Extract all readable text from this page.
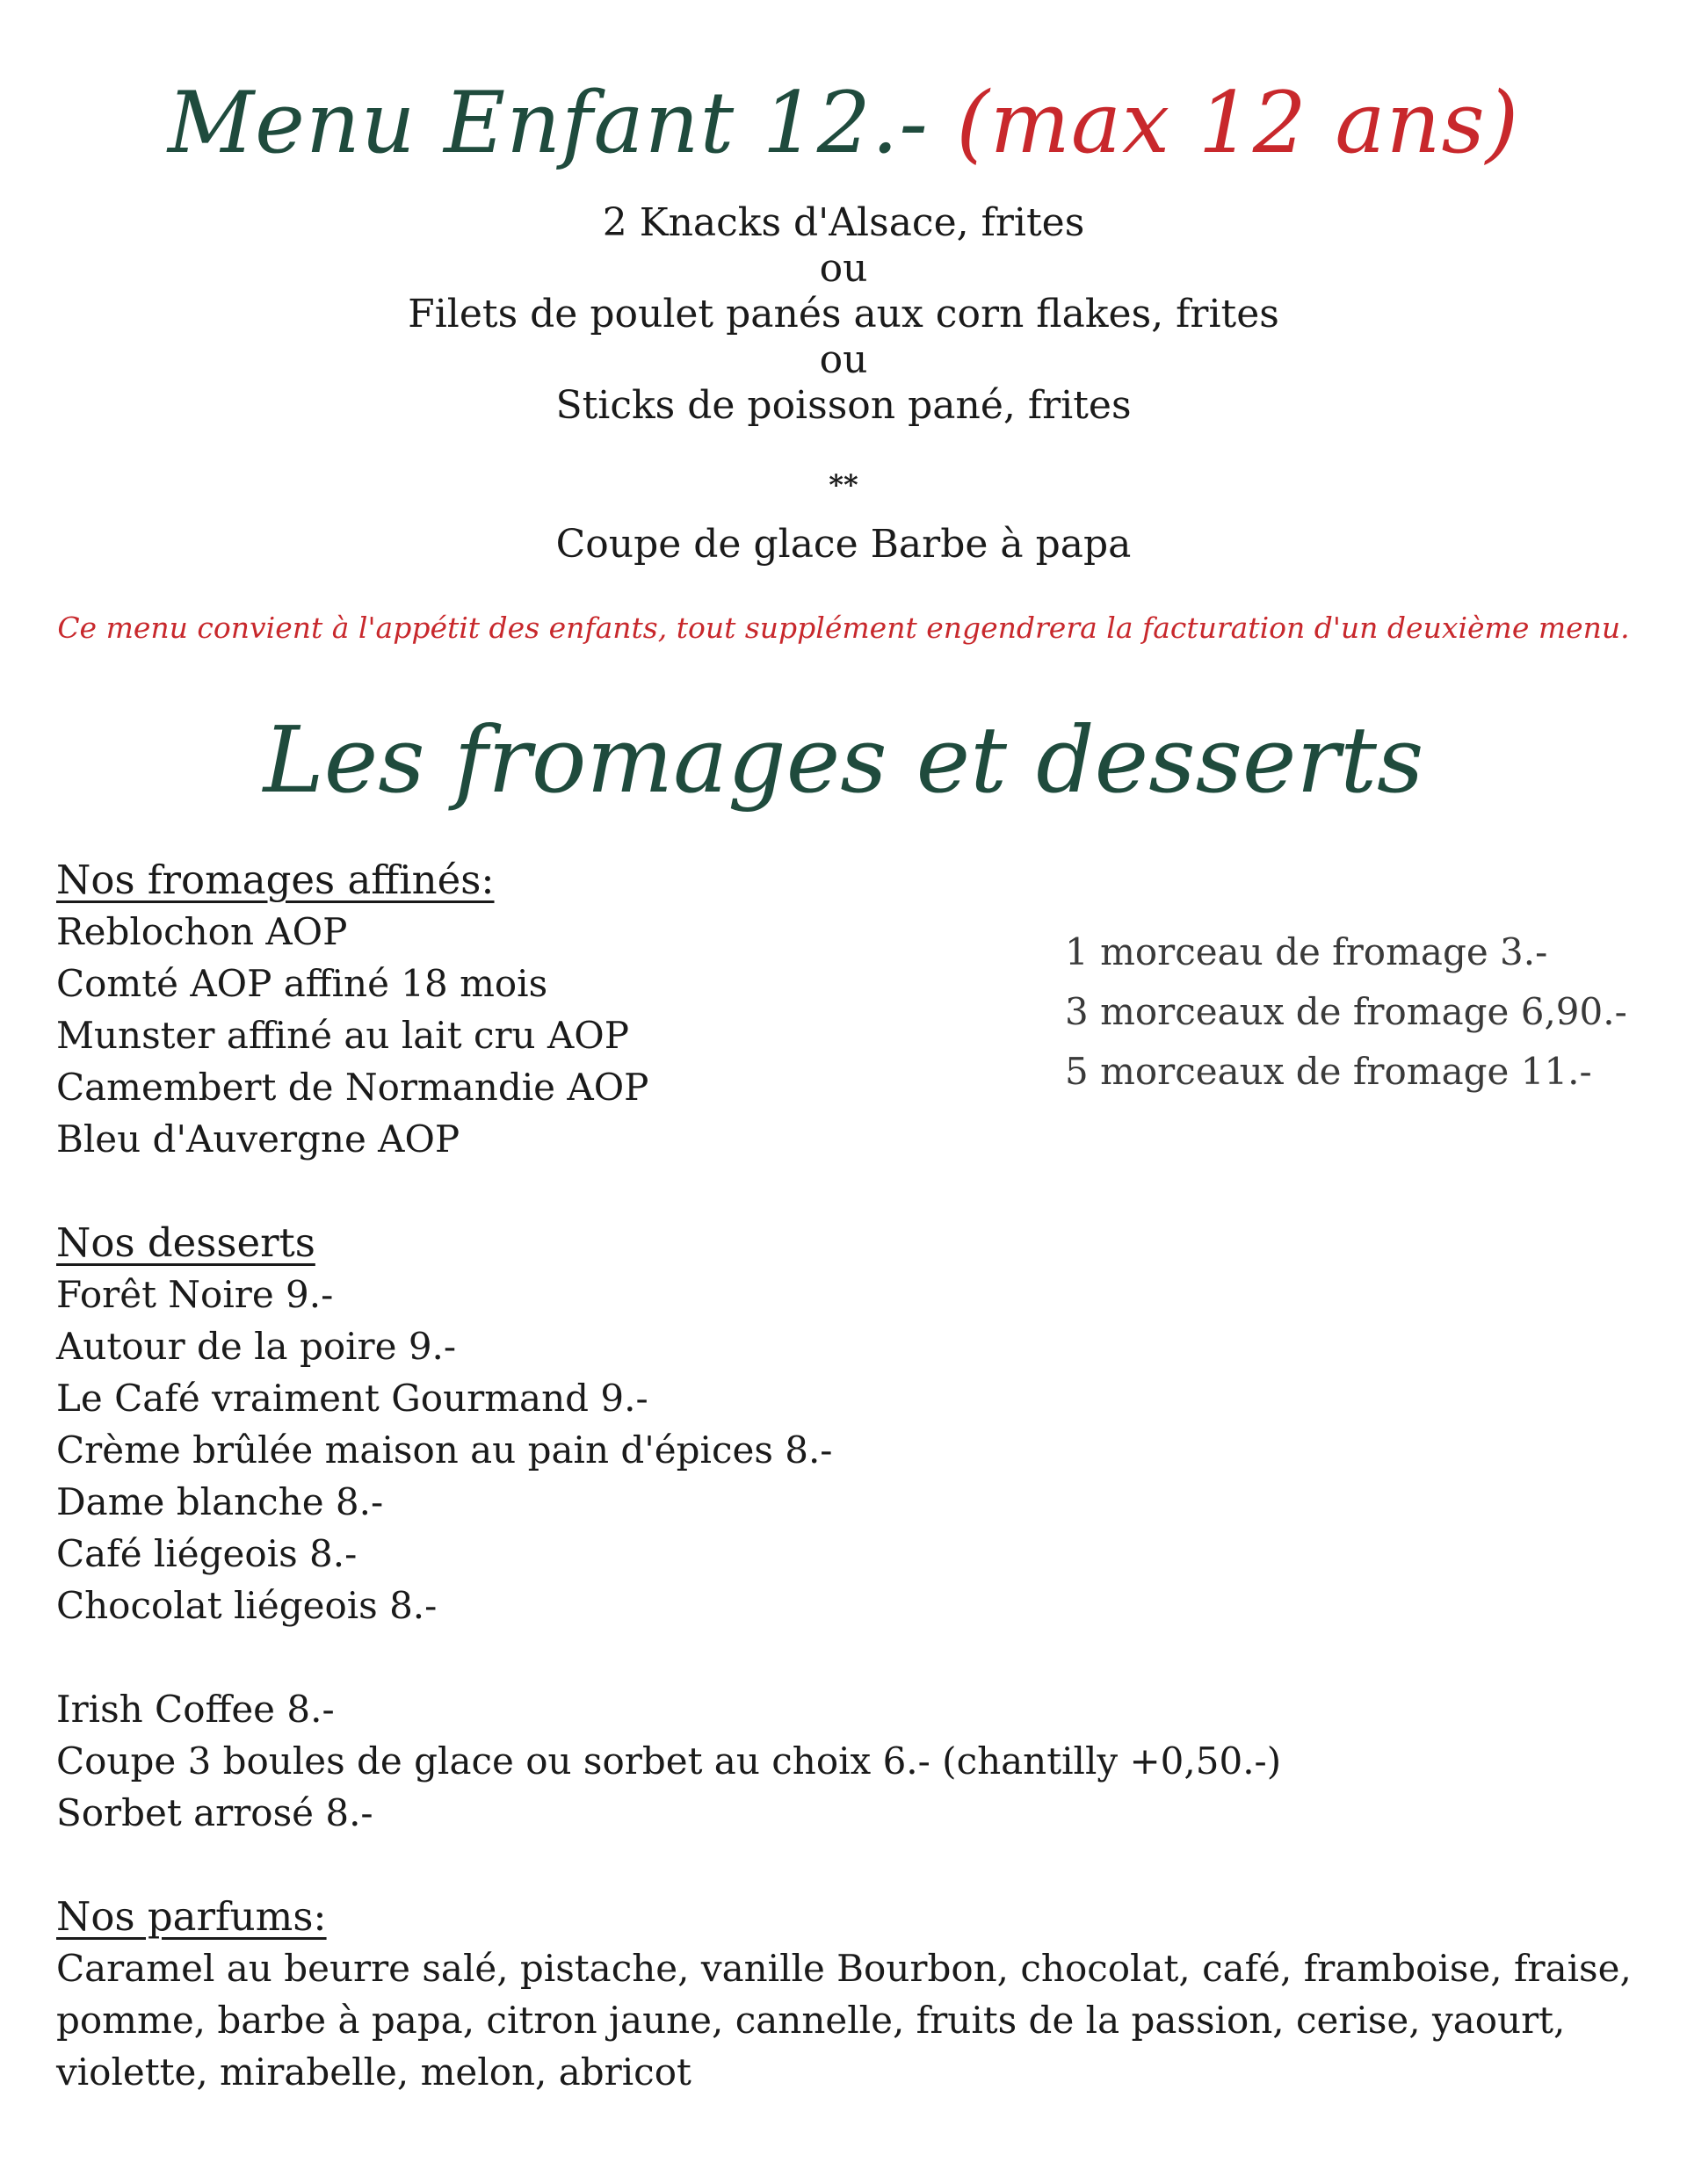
Menu Enfant 12.- (max 12 ans)
2 Knacks d'Alsace, frites
ou
Filets de poulet panés aux corn flakes, frites
ou
Sticks de poisson pané, frites
**
Coupe de glace Barbe à papa
Ce menu convient à l'appétit des enfants, tout supplément engendrera la facturation d'un deuxième menu.
Les fromages et desserts
Nos fromages affinés:
Reblochon AOP
Comté AOP affiné 18 mois
Munster affiné au lait cru AOP
Camembert de Normandie AOP
Bleu d'Auvergne AOP
Nos desserts
Forêt Noire 9.-
Autour de la poire 9.-
Le Café vraiment Gourmand 9.-
Crème brûlée maison au pain d'épices 8.-
Dame blanche 8.-
Café liégeois 8.-
Chocolat liégeois 8.-
Irish Coffee 8.-
Coupe 3 boules de glace ou sorbet au choix 6.- (chantilly +0,50.-)
Sorbet arrosé 8.-
Nos parfums:
Caramel au beurre salé, pistache, vanille Bourbon, chocolat, café, framboise, fraise, pomme, barbe à papa, citron jaune, cannelle, fruits de la passion, cerise, yaourt, violette, mirabelle, melon, abricot
1 morceau de fromage 3.-
3 morceaux de fromage 6,90.-
5 morceaux de fromage 11.-
